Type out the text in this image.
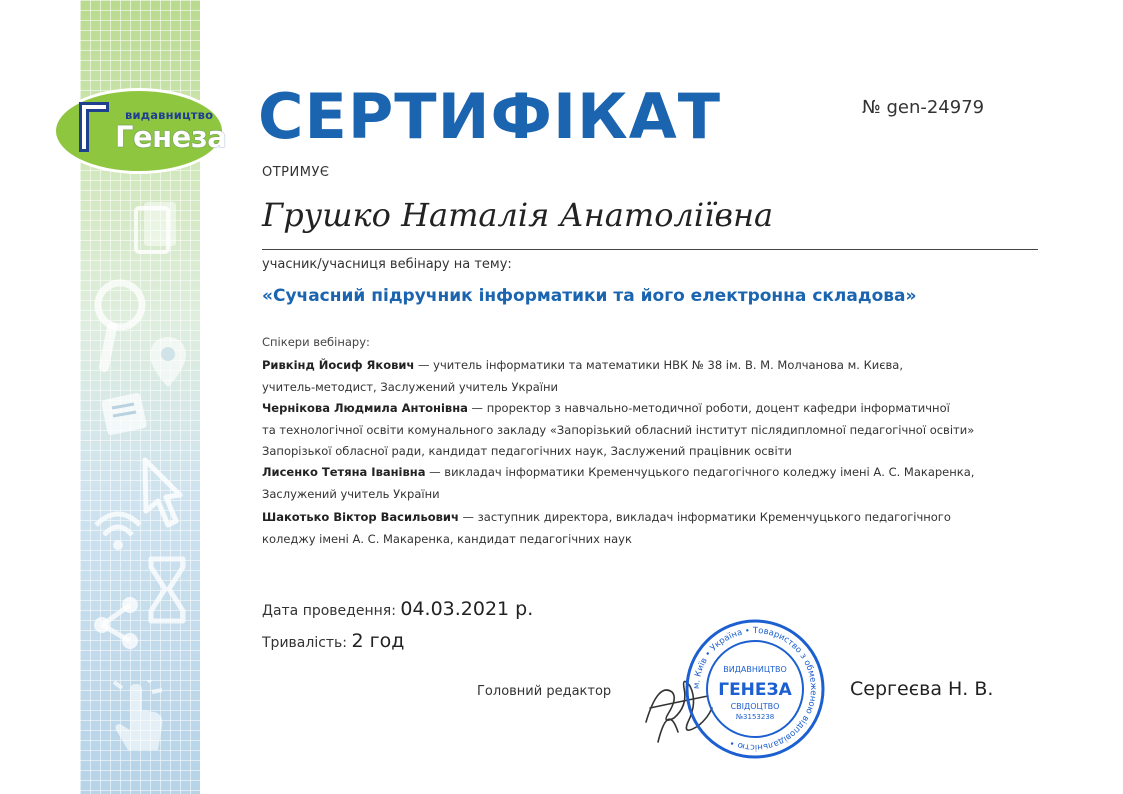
видавництво
Генеза СЕРТИФІКАТ	№ gen-24979
ОТРИМУЄ
Грушко Наталія Анатоліївна
учасник/учасниця вебінару на тему:
«Сучасний підручник інформатики та його електронна складова»
Спікери вебінару:
Ривкінд Йосиф Якович — учитель інформатики та математики НВК № 38 ім. В. М. Молчанова м. Києва,
учитель-методист, Заслужений учитель України
Чернікова Людмила Антонівна — проректор з навчально-методичної роботи, доцент кафедри інформатичної
та технологічної освіти комунального закладу «Запорізький обласний інститут післядипломної педагогічної освіти»
Запорізької обласної ради, кандидат педагогічних наук, Заслужений працівник освіти
Лисенко Тетяна Іванівна — викладач інформатики Кременчуцького педагогічного коледжу імені А. С. Макаренка,
Заслужений учитель України
Шакотько Віктор Васильович — заступник директора, викладач інформатики Кременчуцького педагогічного
коледжу імені А. С. Макаренка, кандидат педагогічних наук
Дата проведення: 04.03.2021 р.
Тривалість: 2 год
Головний редактор	м. Київ • Україна • Товариство з обмеженою відповідальністю •
ВИДАВНИЦТВО
ГЕНЕЗА
СВІДОЦТВО
№3153238
Сергеєва Н. В.
